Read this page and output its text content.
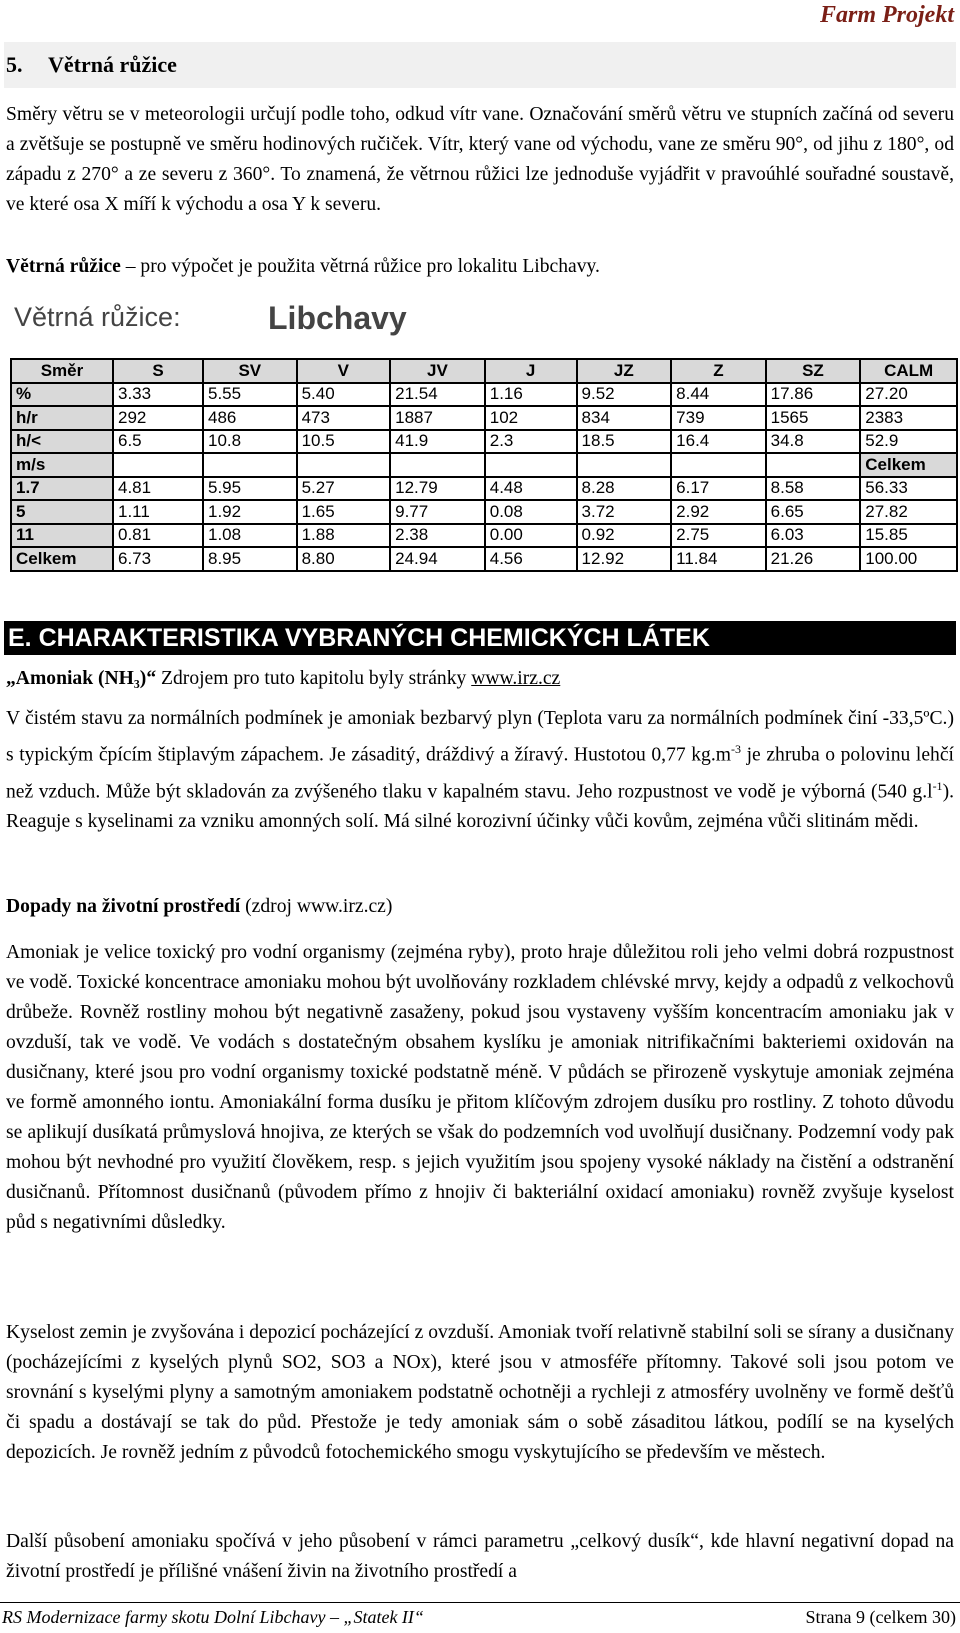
Farm Projekt
5. Větrná růžice
Směry větru se v meteorologii určují podle toho, odkud vítr vane. Označování směrů větru ve stupních začíná od severu a zvětšuje se postupně ve směru hodinových ručiček. Vítr, který vane od východu, vane ze směru 90°, od jihu z 180°, od západu z 270° a ze severu z 360°. To znamená, že větrnou růžici lze jednoduše vyjádřit v pravoúhlé souřadné soustavě, ve které osa X míří k východu a osa Y k severu.
Větrná růžice – pro výpočet je použita větrná růžice pro lokalitu Libchavy.
Větrná růžice:	Libchavy
Směr	S	SV	V	JV	J	JZ	Z	SZ	CALM
%	3.33	5.55	5.40	21.54	1.16	9.52	8.44	17.86	27.20
h/r	292	486	473	1887	102	834	739	1565	2383
h/<	6.5	10.8	10.5	41.9	2.3	18.5	16.4	34.8	52.9
m/s									Celkem
1.7	4.81	5.95	5.27	12.79	4.48	8.28	6.17	8.58	56.33
5	1.11	1.92	1.65	9.77	0.08	3.72	2.92	6.65	27.82
11	0.81	1.08	1.88	2.38	0.00	0.92	2.75	6.03	15.85
Celkem	6.73	8.95	8.80	24.94	4.56	12.92	11.84	21.26	100.00
E. CHARAKTERISTIKA VYBRANÝCH CHEMICKÝCH LÁTEK
„Amoniak (NH₃)“ Zdrojem pro tuto kapitolu byly stránky www.irz.cz
V čistém stavu za normálních podmínek je amoniak bezbarvý plyn (Teplota varu za normálních podmínek činí -33,5ºC.) s typickým čpícím štiplavým zápachem. Je zásaditý, dráždivý a žíravý. Hustotou 0,77 $kg.m^{-3}$ je zhruba o polovinu lehčí než vzduch. Může být skladován za zvýšeného tlaku v kapalném stavu. Jeho rozpustnost ve vodě je výborná (540 $g.l^{-1}$). Reaguje s kyselinami za vzniku amonných solí. Má silné korozivní účinky vůči kovům, zejména vůči slitinám mědi.
Dopady na životní prostředí (zdroj www.irz.cz)
Amoniak je velice toxický pro vodní organismy (zejména ryby), proto hraje důležitou roli jeho velmi dobrá rozpustnost ve vodě. Toxické koncentrace amoniaku mohou být uvolňovány rozkladem chlévské mrvy, kejdy a odpadů z velkochovů drůbeže. Rovněž rostliny mohou být negativně zasaženy, pokud jsou vystaveny vyšším koncentracím amoniaku jak v ovzduší, tak ve vodě. Ve vodách s dostatečným obsahem kyslíku je amoniak nitrifikačními bakteriemi oxidován na dusičnany, které jsou pro vodní organismy toxické podstatně méně. V půdách se přirozeně vyskytuje amoniak zejména ve formě amonného iontu. Amoniakální forma dusíku je přitom klíčovým zdrojem dusíku pro rostliny. Z tohoto důvodu se aplikují dusíkatá průmyslová hnojiva, ze kterých se však do podzemních vod uvolňují dusičnany. Podzemní vody pak mohou být nevhodné pro využití člověkem, resp. s jejich využitím jsou spojeny vysoké náklady na čistění a odstranění dusičnanů. Přítomnost dusičnanů (původem přímo z hnojiv či bakteriální oxidací amoniaku) rovněž zvyšuje kyselost půd s negativními důsledky.
Kyselost zemin je zvyšována i depozicí pocházející z ovzduší. Amoniak tvoří relativně stabilní soli se sírany a dusičnany (pocházejícími z kyselých plynů SO2, SO3 a NOx), které jsou v atmosféře přítomny. Takové soli jsou potom ve srovnání s kyselými plyny a samotným amoniakem podstatně ochotněji a rychleji z atmosféry uvolněny ve formě dešťů či spadu a dostávají se tak do půd. Přestože je tedy amoniak sám o sobě zásaditou látkou, podílí se na kyselých depozicích. Je rovněž jedním z původců fotochemického smogu vyskytujícího se především ve městech.
Další působení amoniaku spočívá v jeho působení v rámci parametru „celkový dusík“, kde hlavní negativní dopad na životní prostředí je přílišné vnášení živin na životního prostředí a
RS Modernizace farmy skotu Dolní Libchavy – „Statek II“	Strana 9 (celkem 30)
